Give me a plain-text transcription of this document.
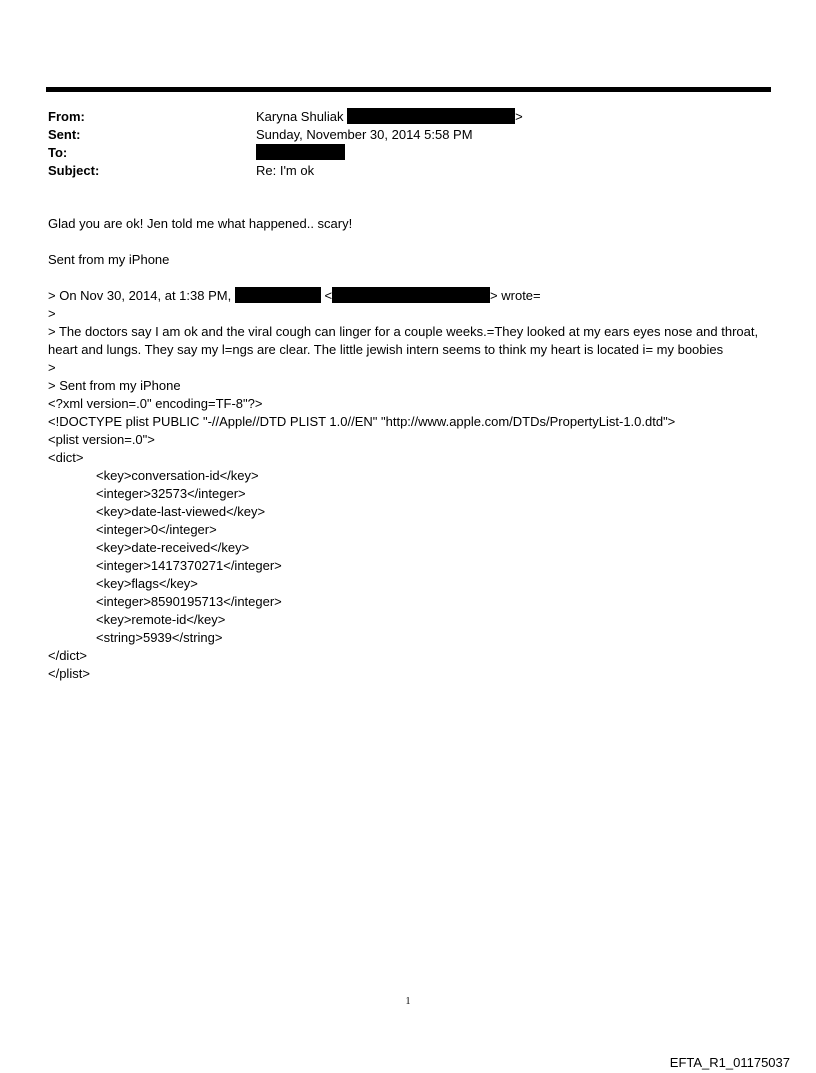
From:	Karyna Shuliak	>
Sent:	Sunday, November 30, 2014 5:58 PM
To:
Subject:	Re: I'm ok

Glad you are ok! Jen told me what happened.. scary!

Sent from my iPhone

> On Nov 30, 2014, at 1:38 PM,	<	> wrote=

>

> The doctors say I am ok and the viral cough can linger for a couple weeks.=They looked at my ears eyes nose and throat, heart and lungs. They say my l=ngs are clear. The little jewish intern seems to think my heart is located i= my boobies

>

> Sent from my iPhone

<?xml version=.0" encoding=TF-8"?>

<!DOCTYPE plist PUBLIC "-//Apple//DTD PLIST 1.0//EN" "http://www.apple.com/DTDs/PropertyList-1.0.dtd">

<plist version=.0">

<dict>

<key>conversation-id</key>

<integer>32573</integer>

<key>date-last-viewed</key>

<integer>0</integer>

<key>date-received</key>

<integer>1417370271</integer>

<key>flags</key>

<integer>8590195713</integer>

<key>remote-id</key>

<string>5939</string>

</dict>

</plist>

1
EFTA_R1_01175037
